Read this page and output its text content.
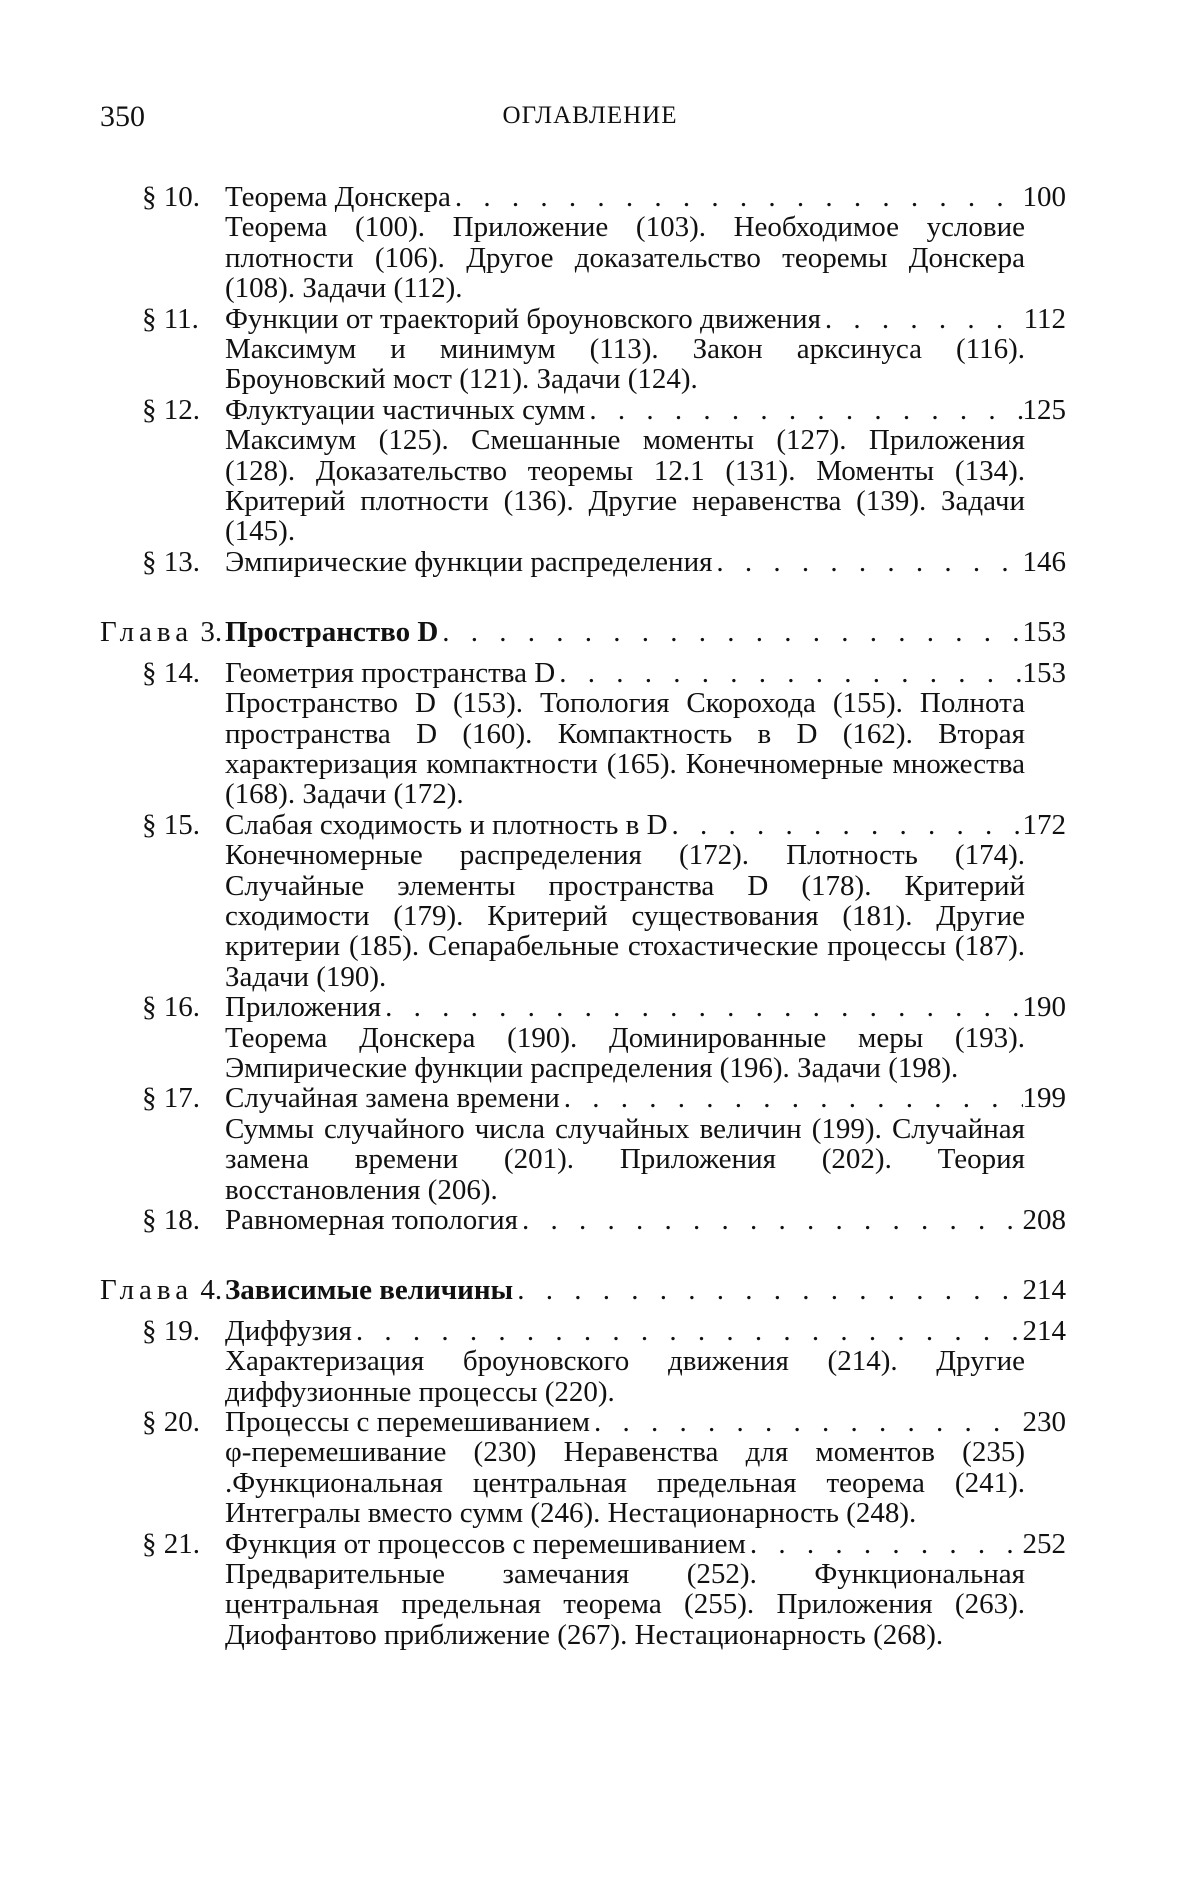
350	ОГЛАВЛЕНИЕ
§ 10. Теорема Донскера . . .	100
Теорема (100). Приложение (103). Необходимое условие плотности (106). Другое доказательство теоремы Донскера (108). Задачи (112).
§ 11. Функции от траекторий броуновского движения . . .	112
Максимум и минимум (113). Закон арксинуса (116). Броуновский мост (121). Задачи (124).
§ 12. Флуктуации частичных сумм . . .	125
Максимум (125). Смешанные моменты (127). Приложения (128). Доказательство теоремы 12.1 (131). Моменты (134). Критерий плотности (136). Другие неравенства (139). Задачи (145).
§ 13. Эмпирические функции распределения . . .	146
Глава 3. Пространство D . . .	153
§ 14. Геометрия пространства D . . .	153
Пространство D (153). Топология Скорохода (155). Полнота пространства D (160). Компактность в D (162). Вторая характеризация компактности (165). Конечномерные множества (168). Задачи (172).
§ 15. Слабая сходимость и плотность в D . . .	172
Конечномерные распределения (172). Плотность (174). Случайные элементы пространства D (178). Критерий сходимости (179). Критерий существования (181). Другие критерии (185). Сепарабельные стохастические процессы (187). Задачи (190).
§ 16. Приложения . . .	190
Теорема Донскера (190). Доминированные меры (193). Эмпирические функции распределения (196). Задачи (198).
§ 17. Случайная замена времени . . .	199
Суммы случайного числа случайных величин (199). Случайная замена времени (201). Приложения (202). Теория восстановления (206).
§ 18. Равномерная топология . . .	208
Глава 4. Зависимые величины . . .	214
§ 19. Диффузия . . .	214
Характеризация броуновского движения (214). Другие диффузионные процессы (220).
§ 20. Процессы с перемешиванием . . .	230
φ-перемешивание (230) Неравенства для моментов (235) .Функциональная центральная предельная теорема (241). Интегралы вместо сумм (246). Нестационарность (248).
§ 21. Функция от процессов с перемешиванием . . .	252
Предварительные замечания (252). Функциональная центральная предельная теорема (255). Приложения (263). Диофантово приближение (267). Нестационарность (268).
